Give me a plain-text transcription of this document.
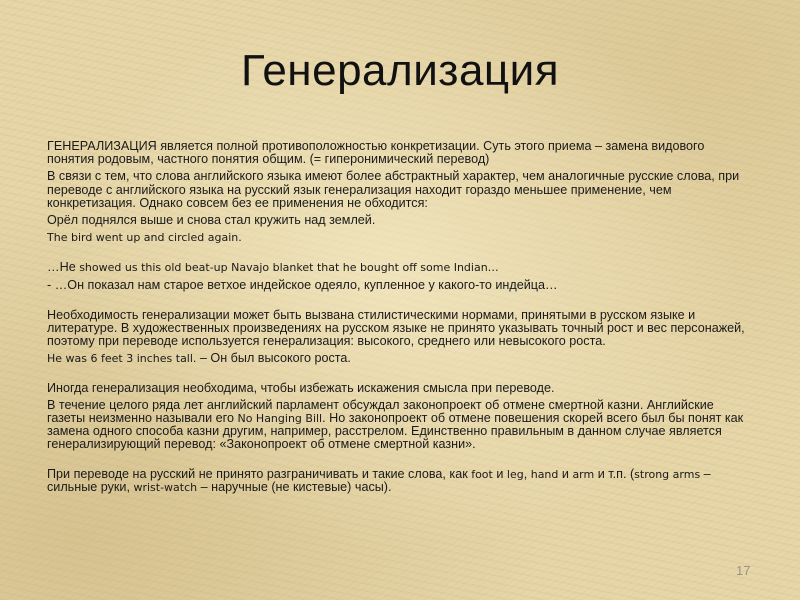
Генерализация

ГЕНЕРАЛИЗАЦИЯ является полной противоположностью конкретизации. Суть этого приема – замена видового понятия родовым, частного понятия общим. (= гиперонимический перевод)

В связи с тем, что слова английского языка имеют более абстрактный характер, чем аналогичные русские слова, при переводе с английского языка на русский язык генерализация находит гораздо меньшее применение, чем конкретизация. Однако совсем без ее применения не обходится:

Орёл поднялся выше и снова стал кружить над землей.

The bird went up and circled again.

…Не showed us this old beat-up Navajo blanket that he bought off some Indian…

- …Он показал нам старое ветхое индейское одеяло, купленное у какого-то индейца…

Необходимость генерализации может быть вызвана стилистическими нормами, принятыми в русском языке и литературе. В художественных произведениях на русском языке не принято указывать точный рост и вес персонажей, поэтому при переводе используется генерализация: высокого, среднего или невысокого роста.

He was 6 feet 3 inches tall. – Он был высокого роста.

Иногда генерализация необходима, чтобы избежать искажения смысла при переводе.

В течение целого ряда лет английский парламент обсуждал законопроект об отмене смертной казни. Английские газеты неизменно называли его No Hanging Bill. Но законопроект об отмене повешения скорей всего был бы понят как замена одного способа казни другим, например, расстрелом. Единственно правильным в данном случае является генерализирующий перевод: «Законопроект об отмене смертной казни».

При переводе на русский не принято разграничивать и такие слова, как foot и leg, hand и arm и т.п. (strong arms – сильные руки, wrist-watch – наручные (не кистевые) часы).

17
